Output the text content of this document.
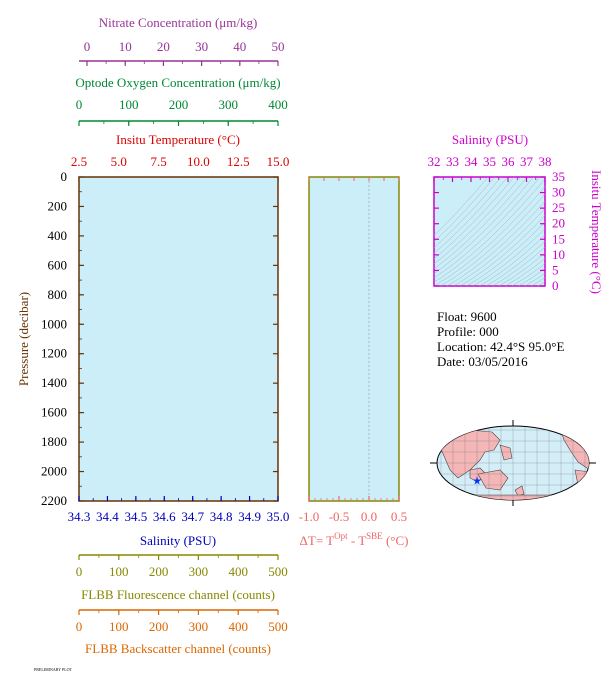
Nitrate Concentration (μm/kg)
0 10 20 30 40 50
Optode Oxygen Concentration (μm/kg)
0	100 200 300 400
Insitu Temperature (°C)
2.5 5.0 7.5 10.0 12.5 15.0
0
200
400
600
800
1000
1200
1400
1600
1800
2000
2200
Pressure (decibar)
34.3 34.4 34.5 34.6 34.7 34.8 34.9 35.0
Salinity (PSU)
0 100 200 300 400 500
FLBB Fluorescence channel (counts)
0 100 200 300 400 500
FLBB Backscatter channel (counts)
-1.0 -0.5 0.0 0.5
$\Delta T= T^{Opt} - T^{SBE}$ (°C)
Salinity (PSU)
32 33 34 35 36 37 38
0
5
10
15
20
25
30
35 Insitu Temperature (°C)
Float: 9600
Profile: 000
Location: 42.4°S 95.0°E
Date: 03/05/2016
★
PRELIMINARY PLOT
